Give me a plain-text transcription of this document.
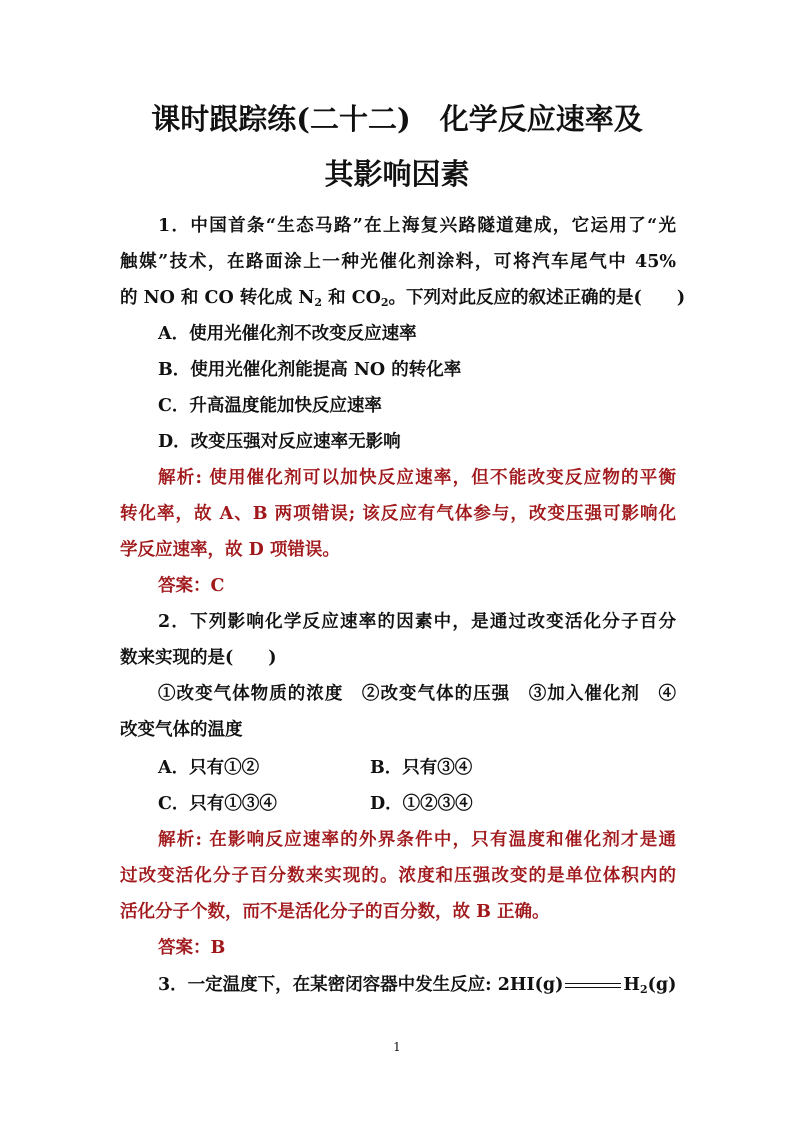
课时跟踪练(二十二)　化学反应速率及
其影响因素
1．中国首条“生态马路”在上海复兴路隧道建成，它运用了“光
触媒”技术，在路面涂上一种光催化剂涂料，可将汽车尾气中 45%
的 NO 和 CO 转化成 $N_2$ 和 $CO_2$。下列对此反应的叙述正确的是(　　)
A．使用光催化剂不改变反应速率
B．使用光催化剂能提高 NO 的转化率
C．升高温度能加快反应速率
D．改变压强对反应速率无影响
解析: 使用催化剂可以加快反应速率，但不能改变反应物的平衡
转化率，故 A、B 两项错误; 该反应有气体参与，改变压强可影响化
学反应速率，故 D 项错误。
答案：C
2．下列影响化学反应速率的因素中，是通过改变活化分子百分
数来实现的是(　　)
①改变气体物质的浓度　②改变气体的压强　③加入催化剂　④
改变气体的温度
A．只有①②	B．只有③④
C．只有①③④	D．①②③④
解析: 在影响反应速率的外界条件中，只有温度和催化剂才是通
过改变活化分子百分数来实现的。浓度和压强改变的是单位体积内的
活化分子个数，而不是活化分子的百分数，故 B 正确。
答案：B
3．一定温度下，在某密闭容器中发生反应: 2HI(g)	$H_2(g)$
1
